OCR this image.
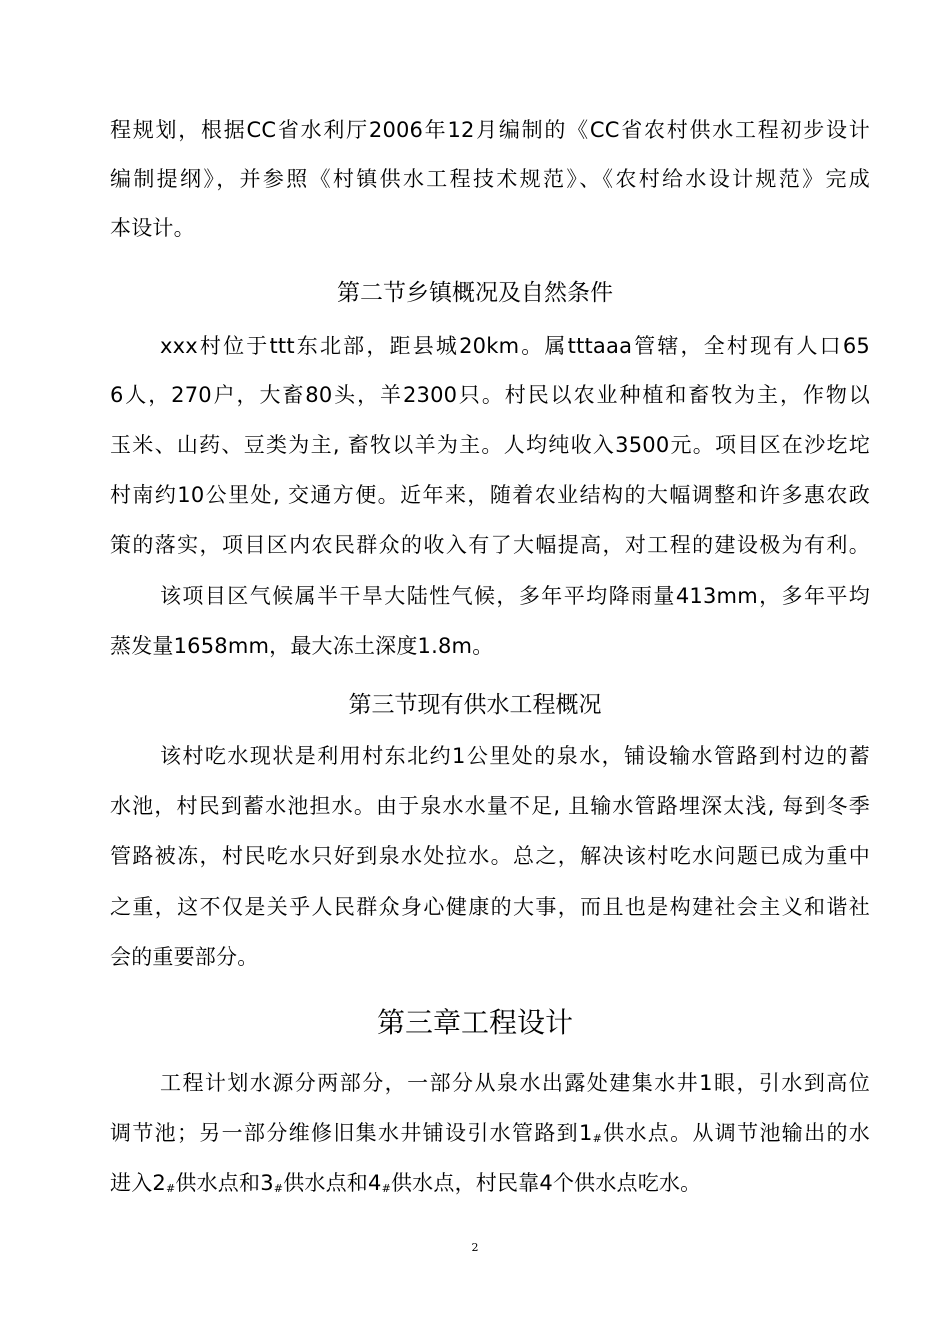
程规划，根据CC省水利厅2006年12月编制的《CC省农村供水工程初步设计
编制提纲》，并参照《村镇供水工程技术规范》、《农村给水设计规范》完成
本设计。
第二节乡镇概况及自然条件
xxx村位于ttt东北部，距县城20km。属tttaaa管辖，全村现有人口65
6人，270户，大畜80头，羊2300只。村民以农业种植和畜牧为主，作物以
玉米、山药、豆类为主, 畜牧以羊为主。人均纯收入3500元。项目区在沙圪坨
村南约10公里处, 交通方便。近年来，随着农业结构的大幅调整和许多惠农政
策的落实，项目区内农民群众的收入有了大幅提高，对工程的建设极为有利。
该项目区气候属半干旱大陆性气候，多年平均降雨量413mm，多年平均
蒸发量1658mm，最大冻土深度1.8m。
第三节现有供水工程概况
该村吃水现状是利用村东北约1公里处的泉水，铺设输水管路到村边的蓄
水池，村民到蓄水池担水。由于泉水水量不足, 且输水管路埋深太浅, 每到冬季
管路被冻，村民吃水只好到泉水处拉水。总之，解决该村吃水问题已成为重中
之重，这不仅是关乎人民群众身心健康的大事，而且也是构建社会主义和谐社
会的重要部分。
第三章工程设计
工程计划水源分两部分，一部分从泉水出露处建集水井1眼，引水到高位
调节池；另一部分维修旧集水井铺设引水管路到$1_{\#}$供水点。从调节池输出的水
进入$2_{\#}$供水点和$3_{\#}$供水点和$4_{\#}$供水点，村民靠4个供水点吃水。
2
